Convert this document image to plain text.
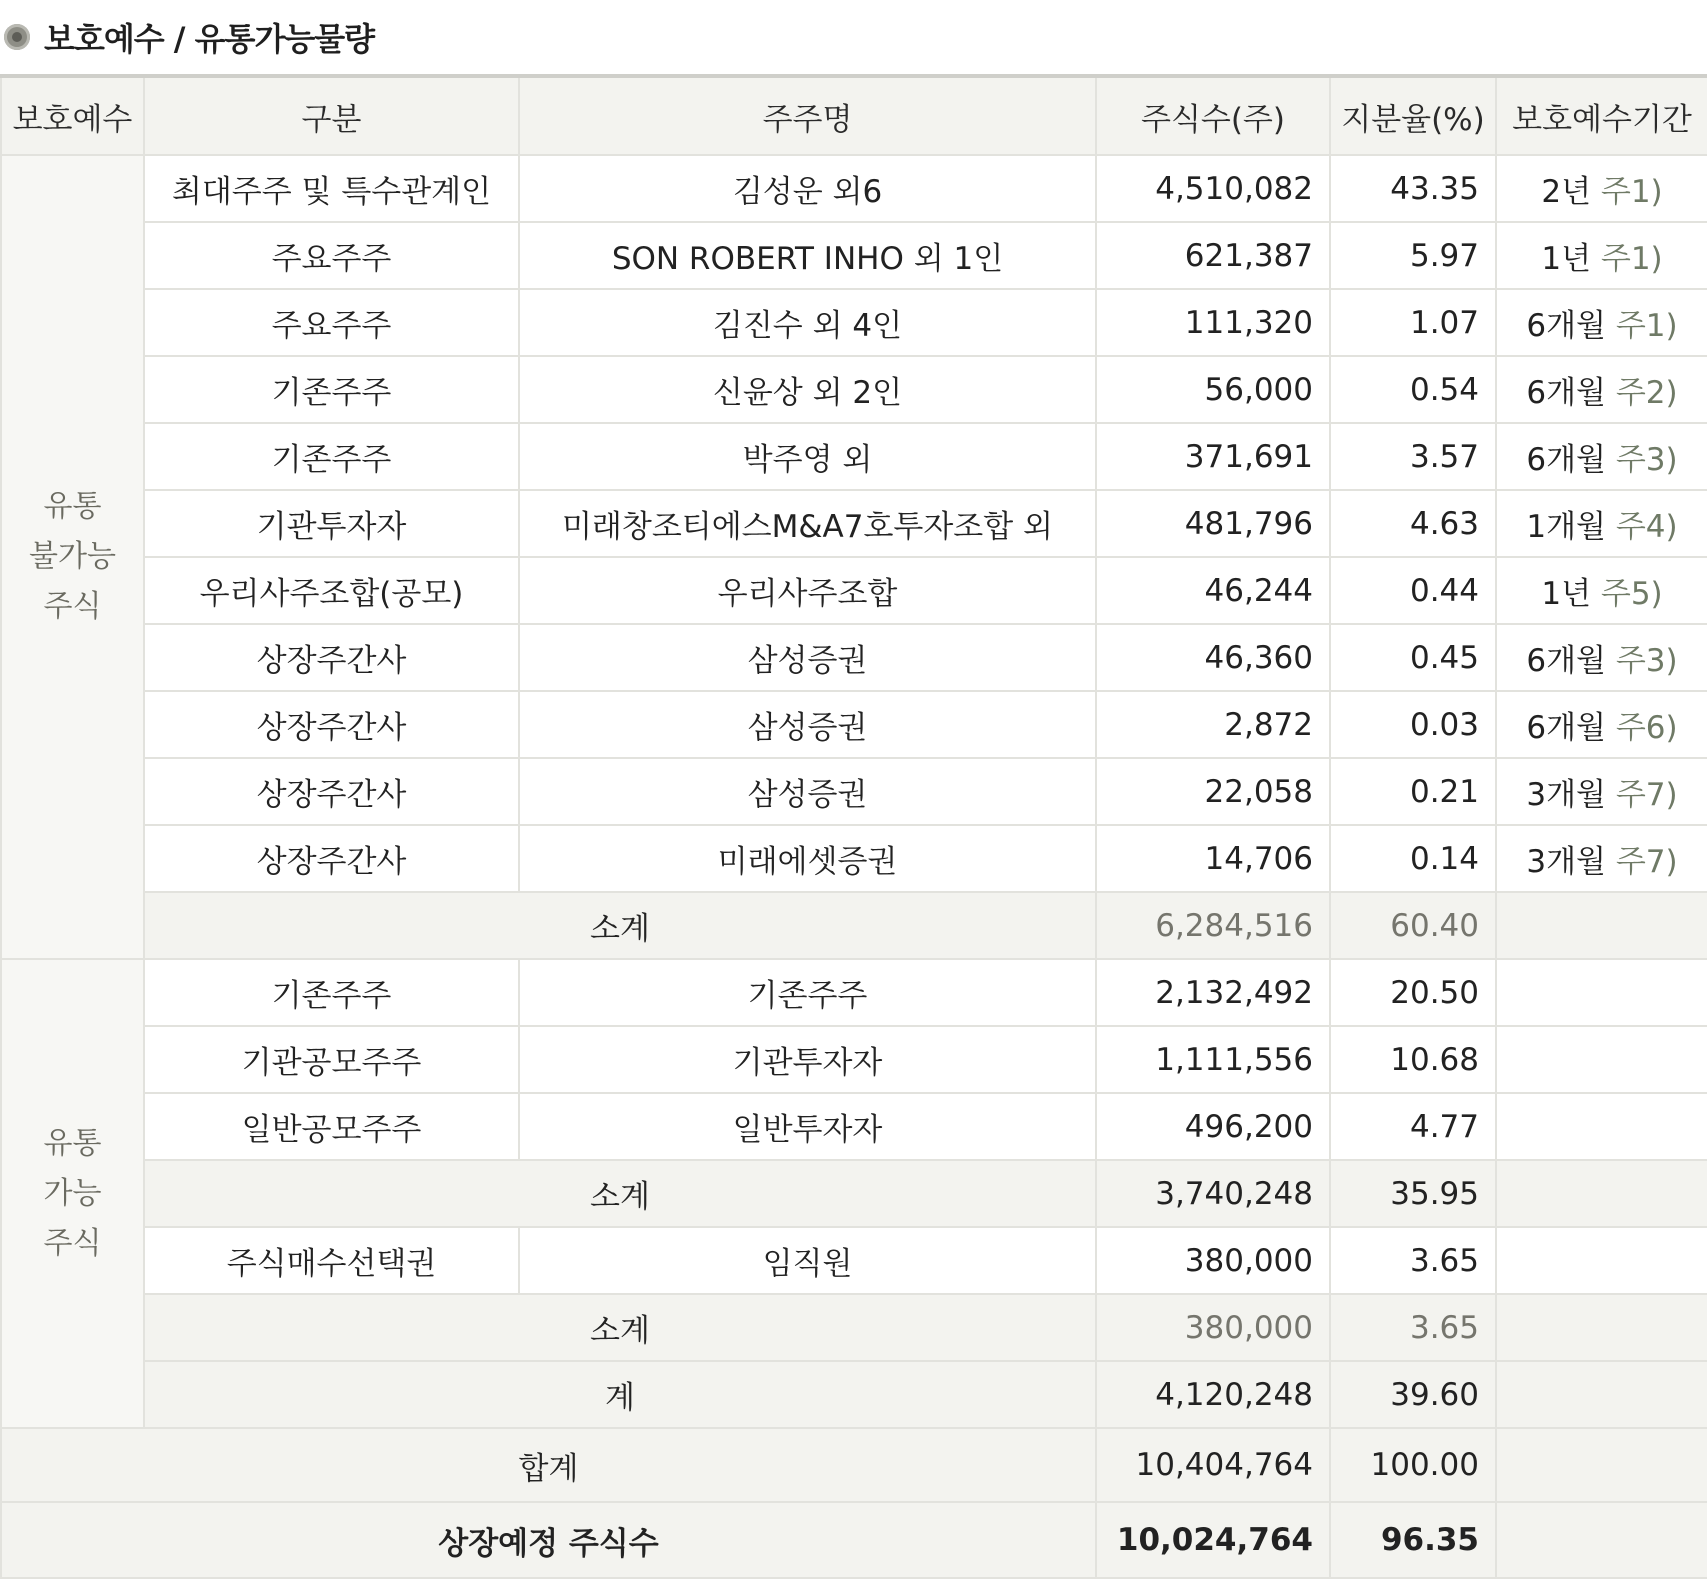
보호예수 / 유통가능물량
보호예수	구분	주주명	주식수(주)	지분율(%)	보호예수기간

유통
불가능
주식	최대주주 및 특수관계인	김성운 외6	4,510,082	43.35	2년 주1)
	주요주주	SON ROBERT INHO 외 1인	621,387	5.97	1년 주1)
	주요주주	김진수 외 4인	111,320	1.07	6개월 주1)
	기존주주	신윤상 외 2인	56,000	0.54	6개월 주2)
	기존주주	박주영 외	371,691	3.57	6개월 주3)
	기관투자자	미래창조티에스M&A7호투자조합 외	481,796	4.63	1개월 주4)
	우리사주조합(공모)	우리사주조합	46,244	0.44	1년 주5)
	상장주간사	삼성증권	46,360	0.45	6개월 주3)
	상장주간사	삼성증권	2,872	0.03	6개월 주6)
	상장주간사	삼성증권	22,058	0.21	3개월 주7)
	상장주간사	미래에셋증권	14,706	0.14	3개월 주7)
	소계		6,284,516	60.40	

유통
가능
주식	기존주주	기존주주	2,132,492	20.50	
	기관공모주주	기관투자자	1,111,556	10.68	
	일반공모주주	일반투자자	496,200	4.77	
	소계		3,740,248	35.95	
	주식매수선택권	임직원	380,000	3.65	
	소계		380,000	3.65	
	계		4,120,248	39.60	
합계			10,404,764	100.00	
상장예정 주식수			10,024,764	96.35	
